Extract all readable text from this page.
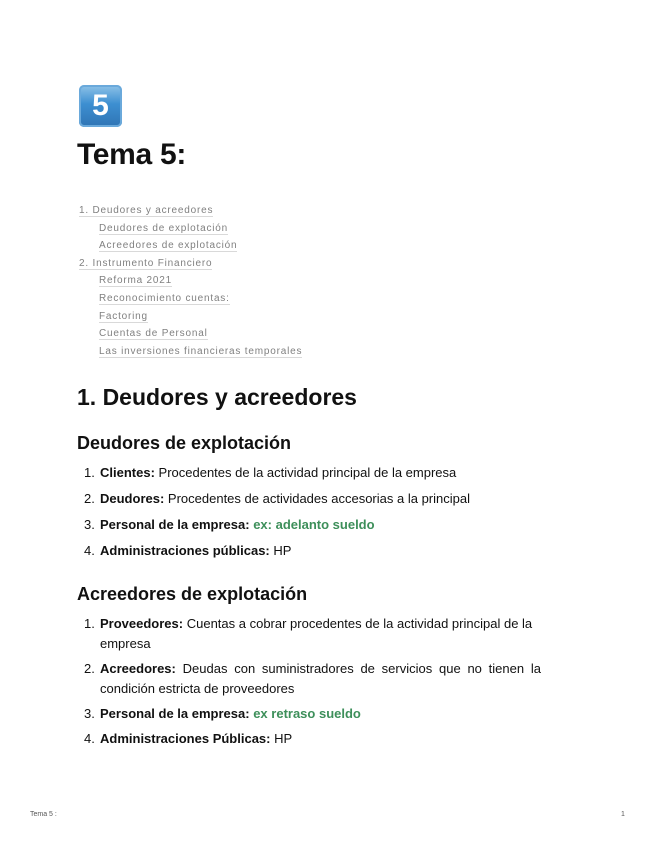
5
Tema 5:
1. Deudores y acreedores
Deudores de explotación
Acreedores de explotación
2. Instrumento Financiero
Reforma 2021
Reconocimiento cuentas:
Factoring
Cuentas de Personal
Las inversiones financieras temporales
1. Deudores y acreedores
Deudores de explotación
1. Clientes: Procedentes de la actividad principal de la empresa
2. Deudores: Procedentes de actividades accesorias a la principal
3. Personal de la empresa: ex: adelanto sueldo
4. Administraciones públicas: HP
Acreedores de explotación
1. Proveedores: Cuentas a cobrar procedentes de la actividad principal de la empresa
2. Acreedores: Deudas con suministradores de servicios que no tienen la condición estricta de proveedores
3. Personal de la empresa: ex retraso sueldo
4. Administraciones Públicas: HP
Tema 5 :	1
